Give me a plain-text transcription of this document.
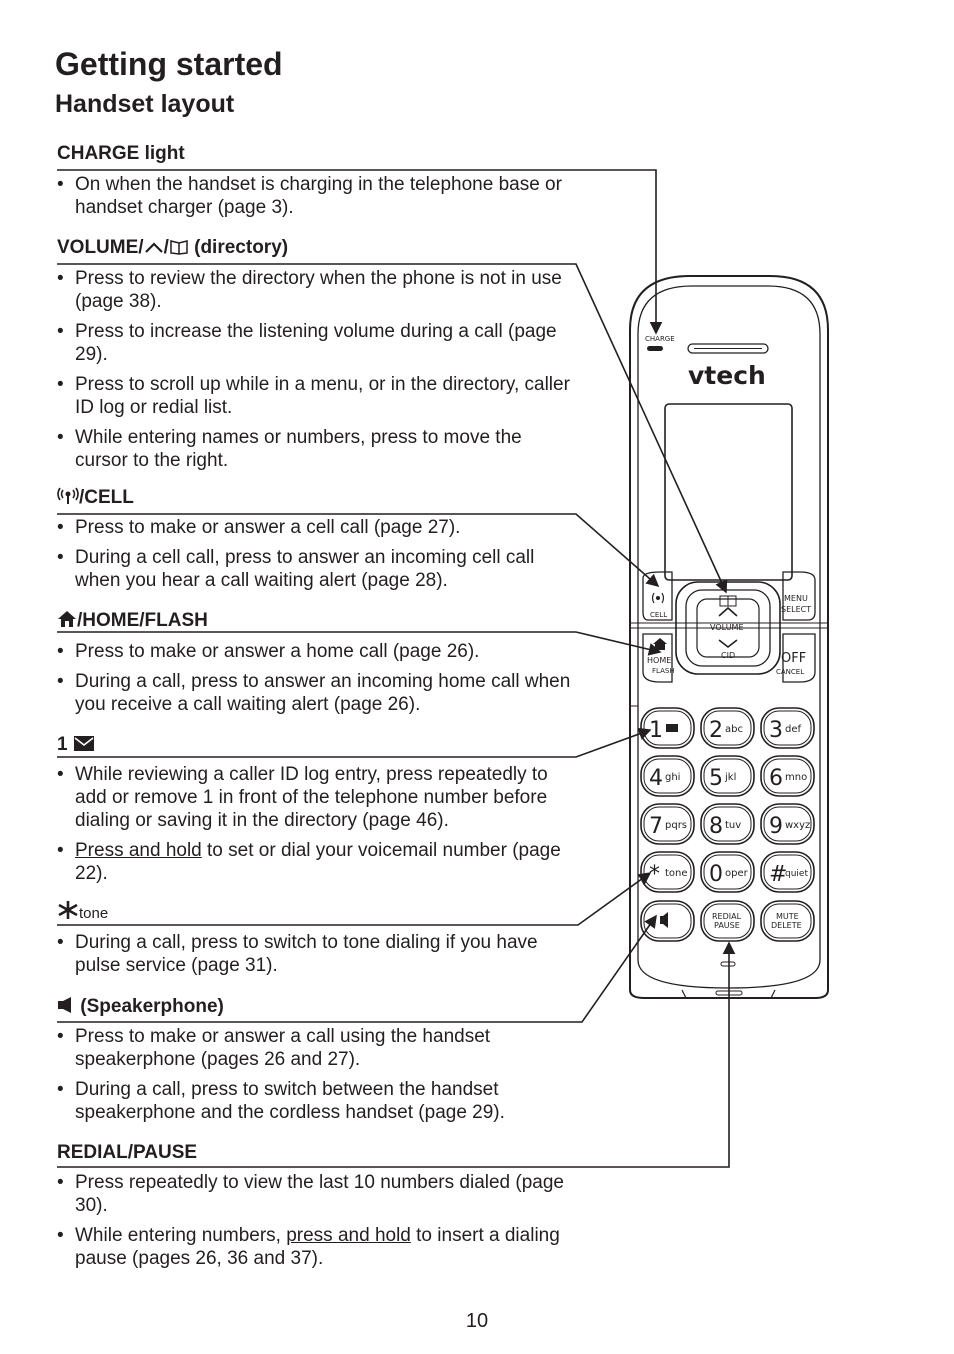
Getting started
Handset layout
CHARGE light
• On when the handset is charging in the telephone base or handset charger (page 3).
VOLUME/ / (directory)
• Press to review the directory when the phone is not in use (page 38).
• Press to increase the listening volume during a call (page 29).
• Press to scroll up while in a menu, or in the directory, caller ID log or redial list.
• While entering names or numbers, press to move the cursor to the right.
/CELL
• Press to make or answer a cell call (page 27).
• During a cell call, press to answer an incoming cell call when you hear a call waiting alert (page 28).
/HOME/FLASH
• Press to make or answer a home call (page 26).
• During a call, press to answer an incoming home call when you receive a call waiting alert (page 26).
1
• While reviewing a caller ID log entry, press repeatedly to add or remove 1 in front of the telephone number before dialing or saving it in the directory (page 46).
• Press and hold to set or dial your voicemail number (page 22).
tone
• During a call, press to switch to tone dialing if you have pulse service (page 31).
(Speakerphone)
• Press to make or answer a call using the handset speakerphone (pages 26 and 27).
• During a call, press to switch between the handset speakerphone and the cordless handset (page 29).
REDIAL/PAUSE
• Press repeatedly to view the last 10 numbers dialed (page 30).
• While entering numbers, press and hold to insert a dialing pause (pages 26, 36 and 37).
CHARGE
vtech
VOLUME
CID
CELL
MENU
SELECT
HOME
FLASH
OFF
CANCEL
1 2 abc 3 def
4 ghi 5 jkl 6 mno
7 pqrs 8 tuv 9 wxyz
* tone 0 oper #
quiet
REDIAL
PAUSE
MUTE
DELETE
10
